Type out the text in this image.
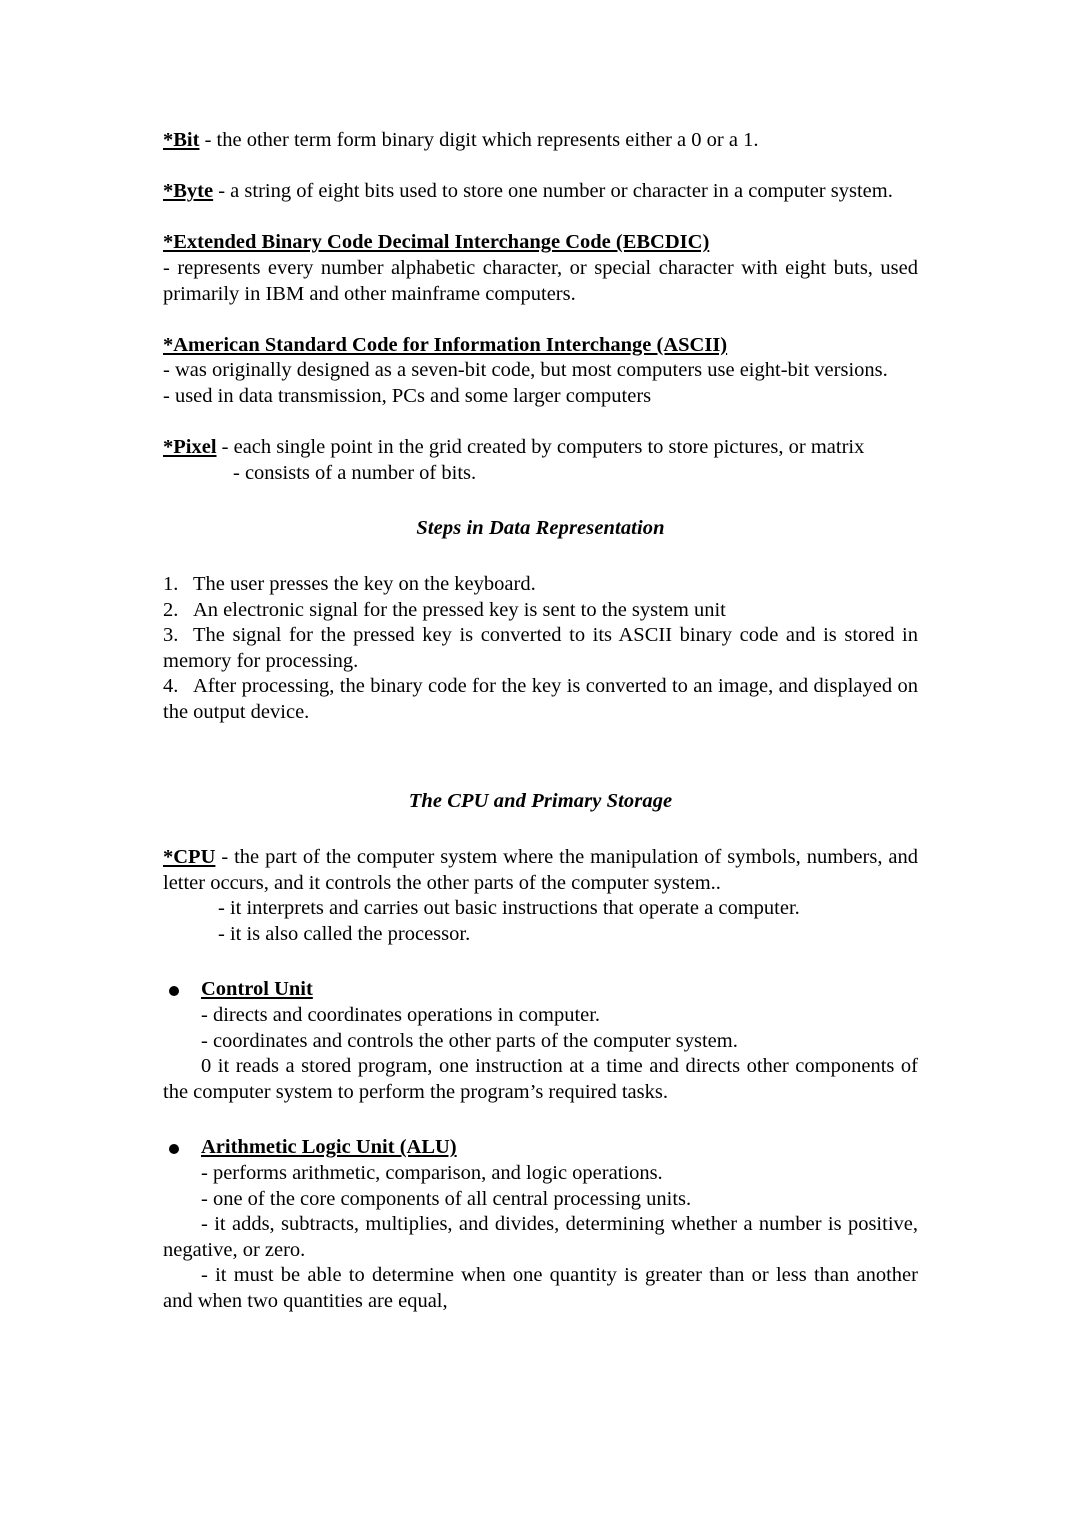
*Bit - the other term form binary digit which represents either a 0 or a 1.

*Byte - a string of eight bits used to store one number or character in a computer system.

*Extended Binary Code Decimal Interchange Code (EBCDIC)

- represents every number alphabetic character, or special character with eight buts, used primarily in IBM and other mainframe computers.

*American Standard Code for Information Interchange (ASCII)

- was originally designed as a seven-bit code, but most computers use eight-bit versions.

- used in data transmission, PCs and some larger computers

*Pixel - each single point in the grid created by computers to store pictures, or matrix

- consists of a number of bits.

Steps in Data Representation

1. The user presses the key on the keyboard.
2. An electronic signal for the pressed key is sent to the system unit
3. The signal for the pressed key is converted to its ASCII binary code and is stored in memory for processing.
4. After processing, the binary code for the key is converted to an image, and displayed on the output device.

The CPU and Primary Storage

*CPU - the part of the computer system where the manipulation of symbols, numbers, and letter occurs, and it controls the other parts of the computer system..

- it interprets and carries out basic instructions that operate a computer.

- it is also called the processor.

Control Unit

- directs and coordinates operations in computer.

- coordinates and controls the other parts of the computer system.

0 it reads a stored program, one instruction at a time and directs other components of the computer system to perform the program’s required tasks.

Arithmetic Logic Unit (ALU)

- performs arithmetic, comparison, and logic operations.

- one of the core components of all central processing units.

- it adds, subtracts, multiplies, and divides, determining whether a number is positive, negative, or zero.

- it must be able to determine when one quantity is greater than or less than another and when two quantities are equal,
